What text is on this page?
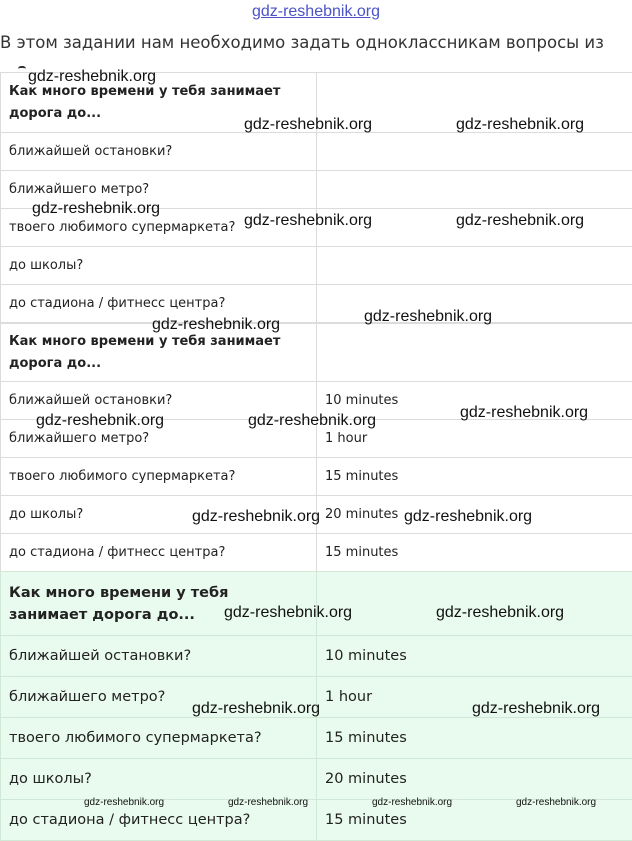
gdz-reshebnik.org
В этом задании нам необходимо задать одноклассникам вопросы из
Как много времени у тебя занимает дорога до...	
ближайшей остановки?	
ближайшего метро?	
твоего любимого супермаркета?	
до школы?	
до стадиона / фитнесс центра?	
Как много времени у тебя занимает дорога до...	
ближайшей остановки?	10 minutes
ближайшего метро?	1 hour
твоего любимого супермаркета?	15 minutes
до школы?	20 minutes
до стадиона / фитнесс центра?	15 minutes
Как много времени у тебя занимает дорога до...	
ближайшей остановки?	10 minutes
ближайшего метро?	1 hour
твоего любимого супермаркета?	15 minutes
до школы?	20 minutes
до стадиона / фитнесс центра?	15 minutes
gdz-reshebnik.org
gdz-reshebnik.org	gdz-reshebnik.org
gdz-reshebnik.org
gdz-reshebnik.org	gdz-reshebnik.org
gdz-reshebnik.org
gdz-reshebnik.org
gdz-reshebnik.org
gdz-reshebnik.org	gdz-reshebnik.org
gdz-reshebnik.org	gdz-reshebnik.org
gdz-reshebnik.org	gdz-reshebnik.org
gdz-reshebnik.org	gdz-reshebnik.org
gdz-reshebnik.org	gdz-reshebnik.org	gdz-reshebnik.org	gdz-reshebnik.org
